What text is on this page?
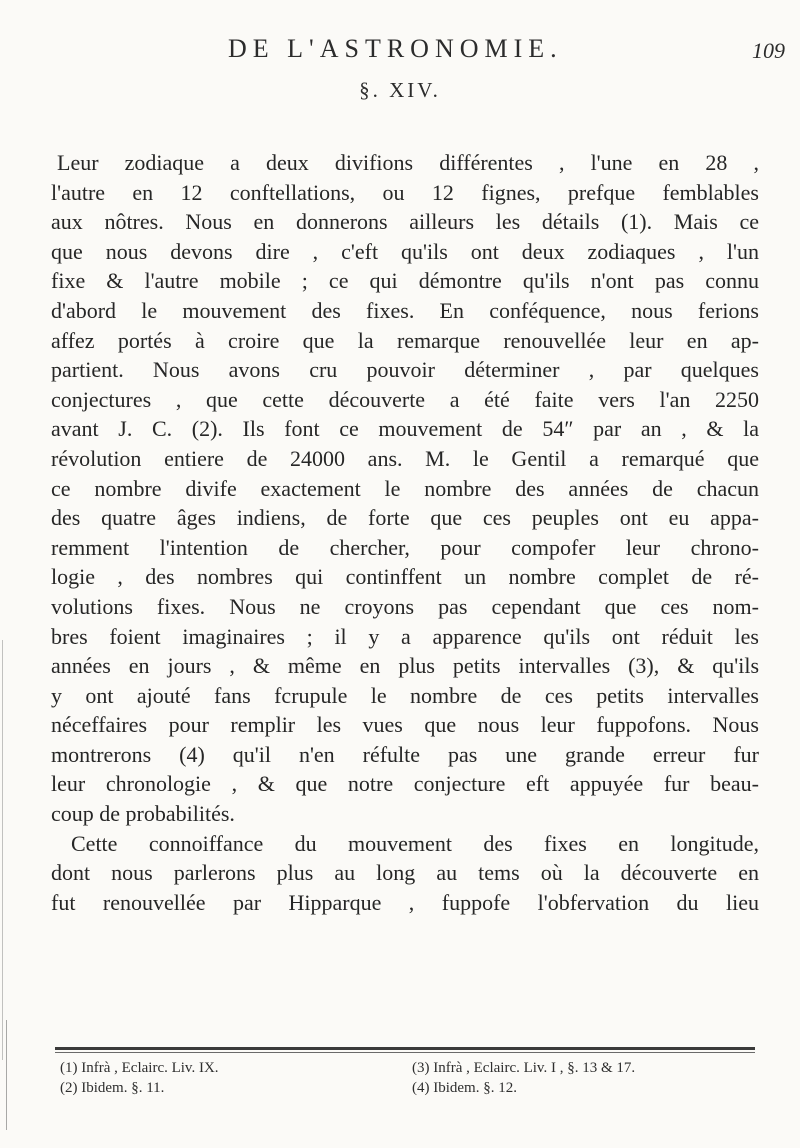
DE L'ASTRONOMIE.	109
§. XIV.
Leur zodiaque a deux divifions différentes , l'une en 28 ,
l'autre en 12 conftellations, ou 12 fignes, prefque femblables
aux nôtres. Nous en donnerons ailleurs les détails (1). Mais ce
que nous devons dire , c'eft qu'ils ont deux zodiaques , l'un
fixe & l'autre mobile ; ce qui démontre qu'ils n'ont pas connu
d'abord le mouvement des fixes. En conféquence, nous ferions
affez portés à croire que la remarque renouvellée leur en ap-
partient. Nous avons cru pouvoir déterminer , par quelques
conjectures , que cette découverte a été faite vers l'an 2250
avant J. C. (2). Ils font ce mouvement de 54″ par an , & la
révolution entiere de 24000 ans. M. le Gentil a remarqué que
ce nombre divife exactement le nombre des années de chacun
des quatre âges indiens, de forte que ces peuples ont eu appa-
remment l'intention de chercher, pour compofer leur chrono-
logie , des nombres qui continffent un nombre complet de ré-
volutions fixes. Nous ne croyons pas cependant que ces nom-
bres foient imaginaires ; il y a apparence qu'ils ont réduit les
années en jours , & même en plus petits intervalles (3), & qu'ils
y ont ajouté fans fcrupule le nombre de ces petits intervalles
néceffaires pour remplir les vues que nous leur fuppofons. Nous
montrerons (4) qu'il n'en réfulte pas une grande erreur fur
leur chronologie , & que notre conjecture eft appuyée fur beau-
coup de probabilités.
Cette connoiffance du mouvement des fixes en longitude,
dont nous parlerons plus au long au tems où la découverte en
fut renouvellée par Hipparque , fuppofe l'obfervation du lieu
(1) Infrà , Eclairc. Liv. IX.
(2) Ibidem. §. 11.
(3) Infrà , Eclairc. Liv. I , §. 13 & 17.
(4) Ibidem. §. 12.
